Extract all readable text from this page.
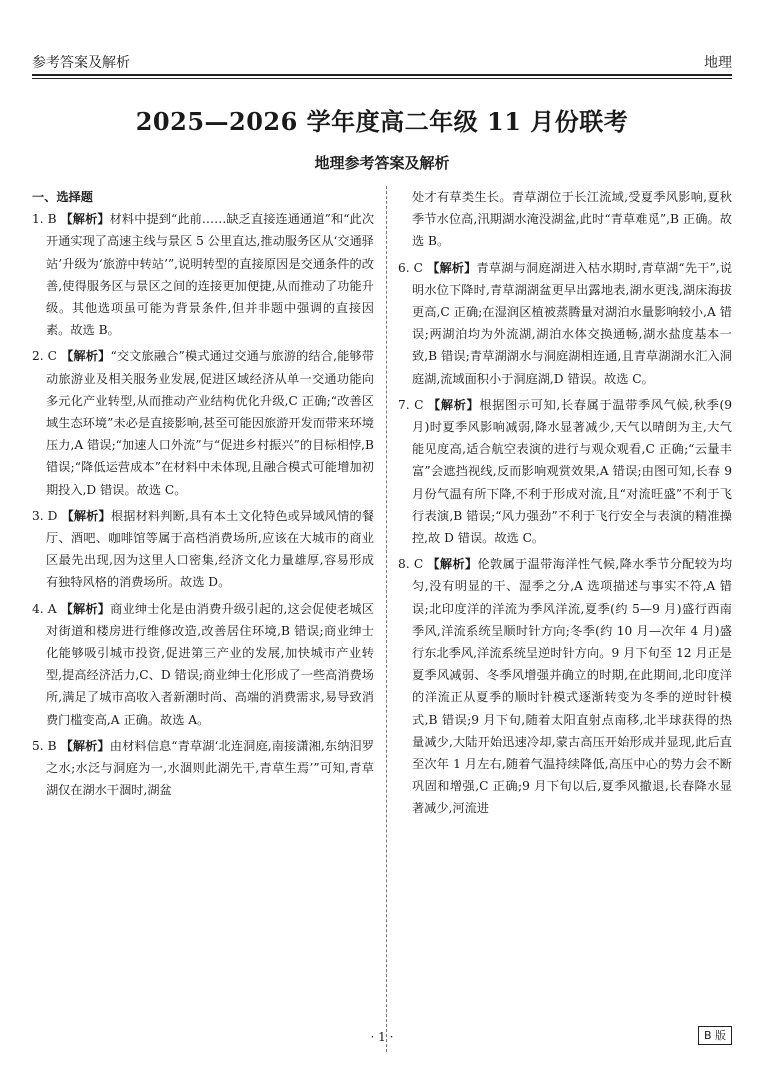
参考答案及解析	地理
2025—2026 学年度高二年级 11 月份联考
地理参考答案及解析
一、选择题

1. B 【解析】材料中提到“此前……缺乏直接连通通道”和“此次开通实现了高速主线与景区 5 公里直达,推动服务区从‘交通驿站’升级为‘旅游中转站’”,说明转型的直接原因是交通条件的改善,使得服务区与景区之间的连接更加便捷,从而推动了功能升级。其他选项虽可能为背景条件,但并非题中强调的直接因素。故选 B。

2. C 【解析】“交文旅融合”模式通过交通与旅游的结合,能够带动旅游业及相关服务业发展,促进区域经济从单一交通功能向多元化产业转型,从而推动产业结构优化升级,C 正确;“改善区域生态环境”未必是直接影响,甚至可能因旅游开发而带来环境压力,A 错误;“加速人口外流”与“促进乡村振兴”的目标相悖,B 错误;“降低运营成本”在材料中未体现,且融合模式可能增加初期投入,D 错误。故选 C。

3. D 【解析】根据材料判断,具有本土文化特色或异域风情的餐厅、酒吧、咖啡馆等属于高档消费场所,应该在大城市的商业区最先出现,因为这里人口密集,经济文化力量雄厚,容易形成有独特风格的消费场所。故选 D。

4. A 【解析】商业绅士化是由消费升级引起的,这会促使老城区对街道和楼房进行维修改造,改善居住环境,B 错误;商业绅士化能够吸引城市投资,促进第三产业的发展,加快城市产业转型,提高经济活力,C、D 错误;商业绅士化形成了一些高消费场所,满足了城市高收入者新潮时尚、高端的消费需求,易导致消费门槛变高,A 正确。故选 A。

5. B 【解析】由材料信息“青草湖‘北连洞庭,南接潇湘,东纳汨罗之水;水泛与洞庭为一,水涸则此湖先干,青草生焉’”可知,青草湖仅在湖水干涸时,湖盆

处才有草类生长。青草湖位于长江流域,受夏季风影响,夏秋季节水位高,汛期湖水淹没湖盆,此时“青草难觅”,B 正确。故选 B。

6. C 【解析】青草湖与洞庭湖进入枯水期时,青草湖“先干”,说明水位下降时,青草湖湖盆更早出露地表,湖水更浅,湖床海拔更高,C 正确;在湿润区植被蒸腾量对湖泊水量影响较小,A 错误;两湖泊均为外流湖,湖泊水体交换通畅,湖水盐度基本一致,B 错误;青草湖湖水与洞庭湖相连通,且青草湖湖水汇入洞庭湖,流域面积小于洞庭湖,D 错误。故选 C。

7. C 【解析】根据图示可知,长春属于温带季风气候,秋季(9 月)时夏季风影响减弱,降水显著减少,天气以晴朗为主,大气能见度高,适合航空表演的进行与观众观看,C 正确;“云量丰富”会遮挡视线,反而影响观赏效果,A 错误;由图可知,长春 9 月份气温有所下降,不利于形成对流,且“对流旺盛”不利于飞行表演,B 错误;“风力强劲”不利于飞行安全与表演的精准操控,故 D 错误。故选 C。

8. C 【解析】伦敦属于温带海洋性气候,降水季节分配较为均匀,没有明显的干、湿季之分,A 选项描述与事实不符,A 错误;北印度洋的洋流为季风洋流,夏季(约 5—9 月)盛行西南季风,洋流系统呈顺时针方向;冬季(约 10 月—次年 4 月)盛行东北季风,洋流系统呈逆时针方向。9 月下旬至 12 月正是夏季风减弱、冬季风增强并确立的时期,在此期间,北印度洋的洋流正从夏季的顺时针模式逐渐转变为冬季的逆时针模式,B 错误;9 月下旬,随着太阳直射点南移,北半球获得的热量减少,大陆开始迅速冷却,蒙古高压开始形成并显现,此后直至次年 1 月左右,随着气温持续降低,高压中心的势力会不断巩固和增强,C 正确;9 月下旬以后,夏季风撤退,长春降水显著减少,河流进

· 1 ·	B 版
